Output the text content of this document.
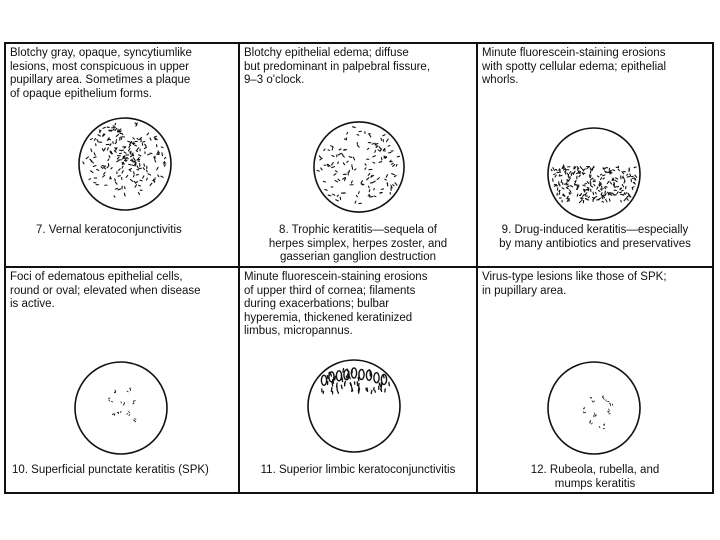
Blotchy gray, opaque, syncytiumlike
lesions, most conspicuous in upper
pupillary area. Sometimes a plaque
of opaque epithelium forms.
7. Vernal keratoconjunctivitis
Blotchy epithelial edema; diffuse
but predominant in palpebral fissure,
9–3 o'clock.
8. Trophic keratitis—sequela of
herpes simplex, herpes zoster, and
gasserian ganglion destruction
Minute fluorescein-staining erosions
with spotty cellular edema; epithelial
whorls.
9. Drug-induced keratitis—especially
by many antibiotics and preservatives
Foci of edematous epithelial cells,
round or oval; elevated when disease
is active.
10. Superficial punctate keratitis (SPK)
Minute fluorescein-staining erosions
of upper third of cornea; filaments
during exacerbations; bulbar
hyperemia, thickened keratinized
limbus, micropannus.
11. Superior limbic keratoconjunctivitis
Virus-type lesions like those of SPK;
in pupillary area.
12. Rubeola, rubella, and
mumps keratitis
